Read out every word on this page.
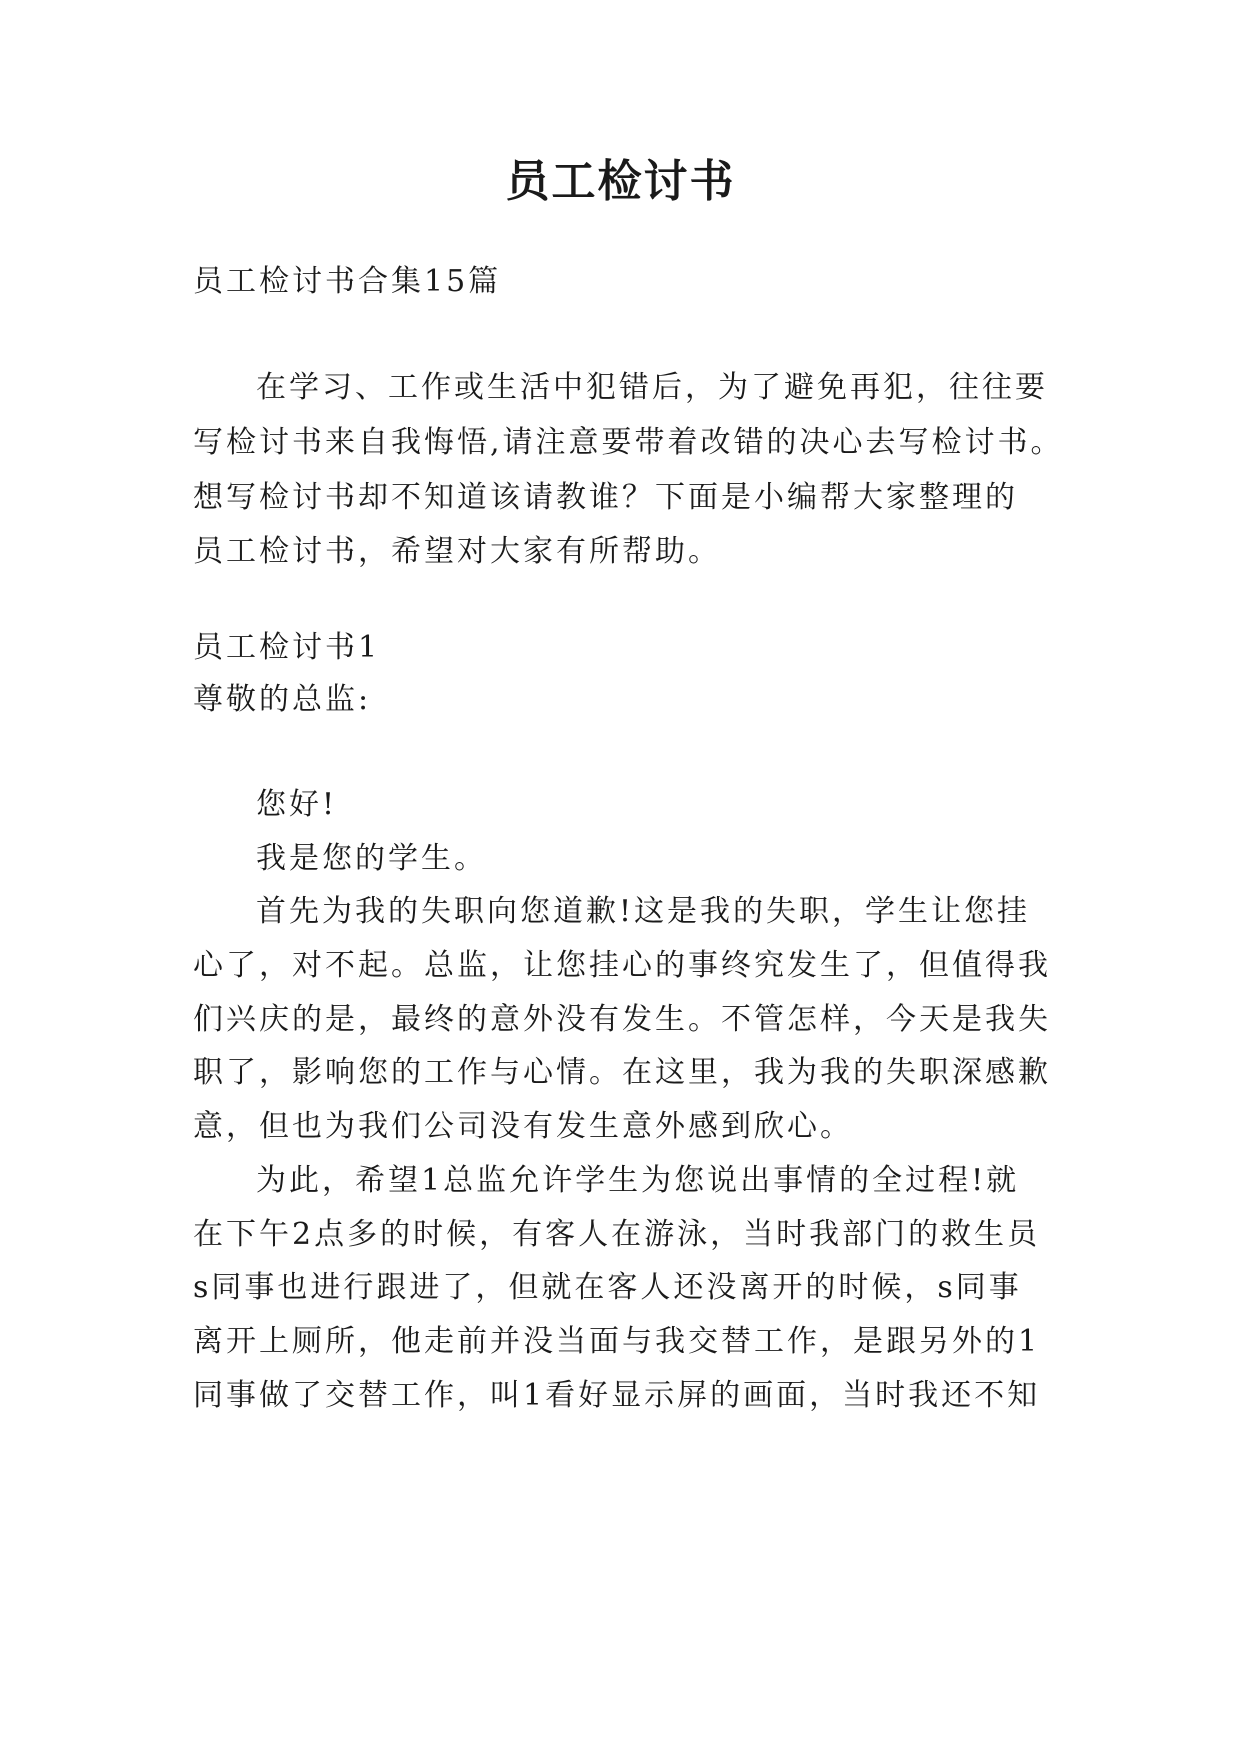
员工检讨书
员工检讨书合集15篇
在学习、工作或生活中犯错后，为了避免再犯，往往要
写检讨书来自我悔悟,请注意要带着改错的决心去写检讨书。
想写检讨书却不知道该请教谁？下面是小编帮大家整理的
员工检讨书，希望对大家有所帮助。
员工检讨书1
尊敬的总监:
您好!
我是您的学生。
首先为我的失职向您道歉!这是我的失职，学生让您挂
心了，对不起。总监，让您挂心的事终究发生了，但值得我
们兴庆的是，最终的意外没有发生。不管怎样，今天是我失
职了，影响您的工作与心情。在这里，我为我的失职深感歉
意，但也为我们公司没有发生意外感到欣心。
为此，希望1总监允许学生为您说出事情的全过程!就
在下午2点多的时候，有客人在游泳，当时我部门的救生员
s同事也进行跟进了，但就在客人还没离开的时候，s同事
离开上厕所，他走前并没当面与我交替工作，是跟另外的1
同事做了交替工作，叫1看好显示屏的画面，当时我还不知
